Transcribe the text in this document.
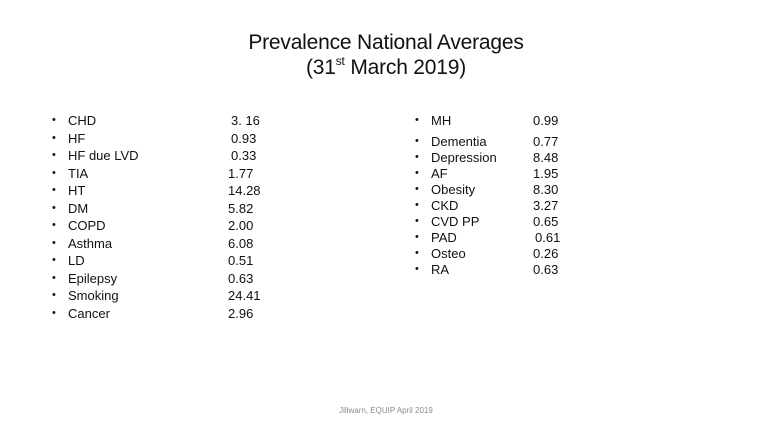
Prevalence National Averages
(31st March 2019)
• CHD	3. 16
• HF	0.93
• HF due LVD	0.33
• TIA	1.77
• HT	14.28
• DM	5.82
• COPD	2.00
• Asthma	6.08
• LD	0.51
• Epilepsy	0.63
• Smoking	24.41
• Cancer	2.96
• MH	0.99
• Dementia	0.77
• Depression	8.48
• AF	1.95
• Obesity	8.30
• CKD	3.27
• CVD PP	0.65
• PAD	0.61
• Osteo	0.26
• RA	0.63
Jillwarn, EQUIP April 2019
